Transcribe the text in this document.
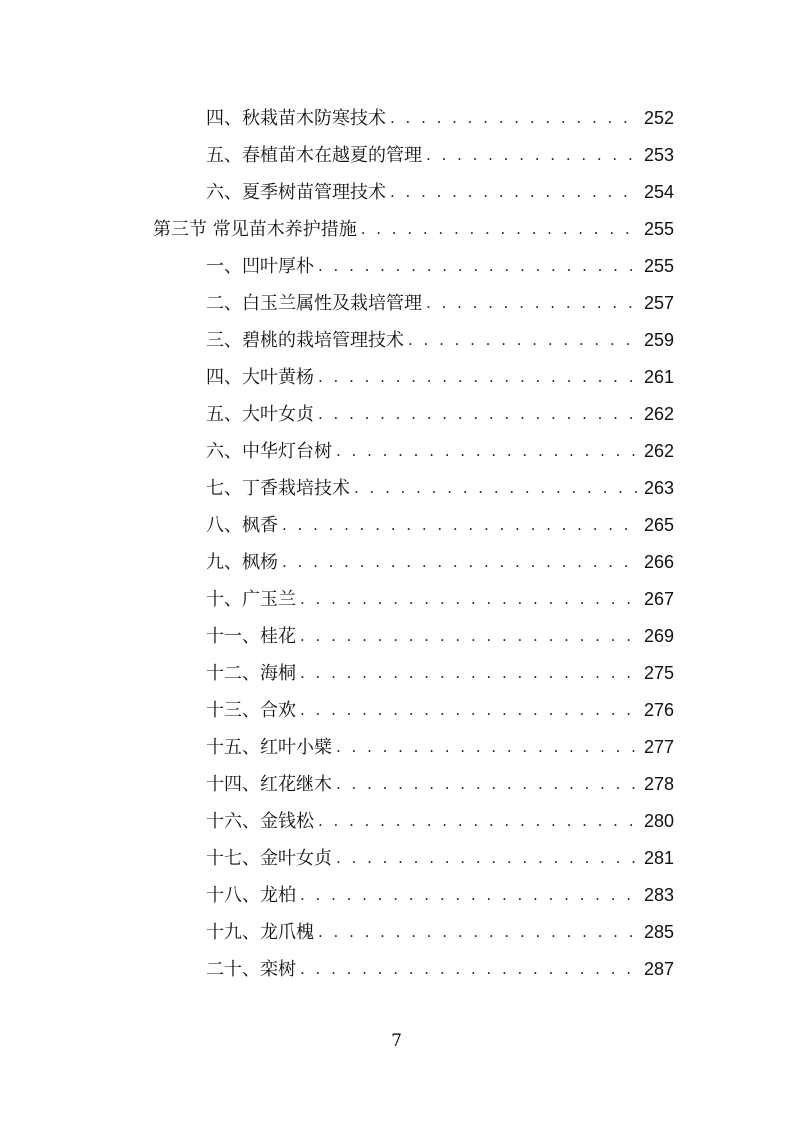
四、秋栽苗木防寒技术 . . .	252
五、春植苗木在越夏的管理 . . .	253
六、夏季树苗管理技术 . . .	254
第三节 常见苗木养护措施 . . .	255
一、凹叶厚朴 . . .	255
二、白玉兰属性及栽培管理 . . .	257
三、碧桃的栽培管理技术 . . .	259
四、大叶黄杨 . . .	261
五、大叶女贞 . . .	262
六、中华灯台树 . . .	262
七、丁香栽培技术 . . .	263
八、枫香 . . .	265
九、枫杨 . . .	266
十、广玉兰 . . .	267
十一、桂花 . . .	269
十二、海桐 . . .	275
十三、合欢 . . .	276
十五、红叶小檗 . . .	277
十四、红花继木 . . .	278
十六、金钱松 . . .	280
十七、金叶女贞 . . .	281
十八、龙柏 . . .	283
十九、龙爪槐 . . .	285
二十、栾树 . . .	287
7
